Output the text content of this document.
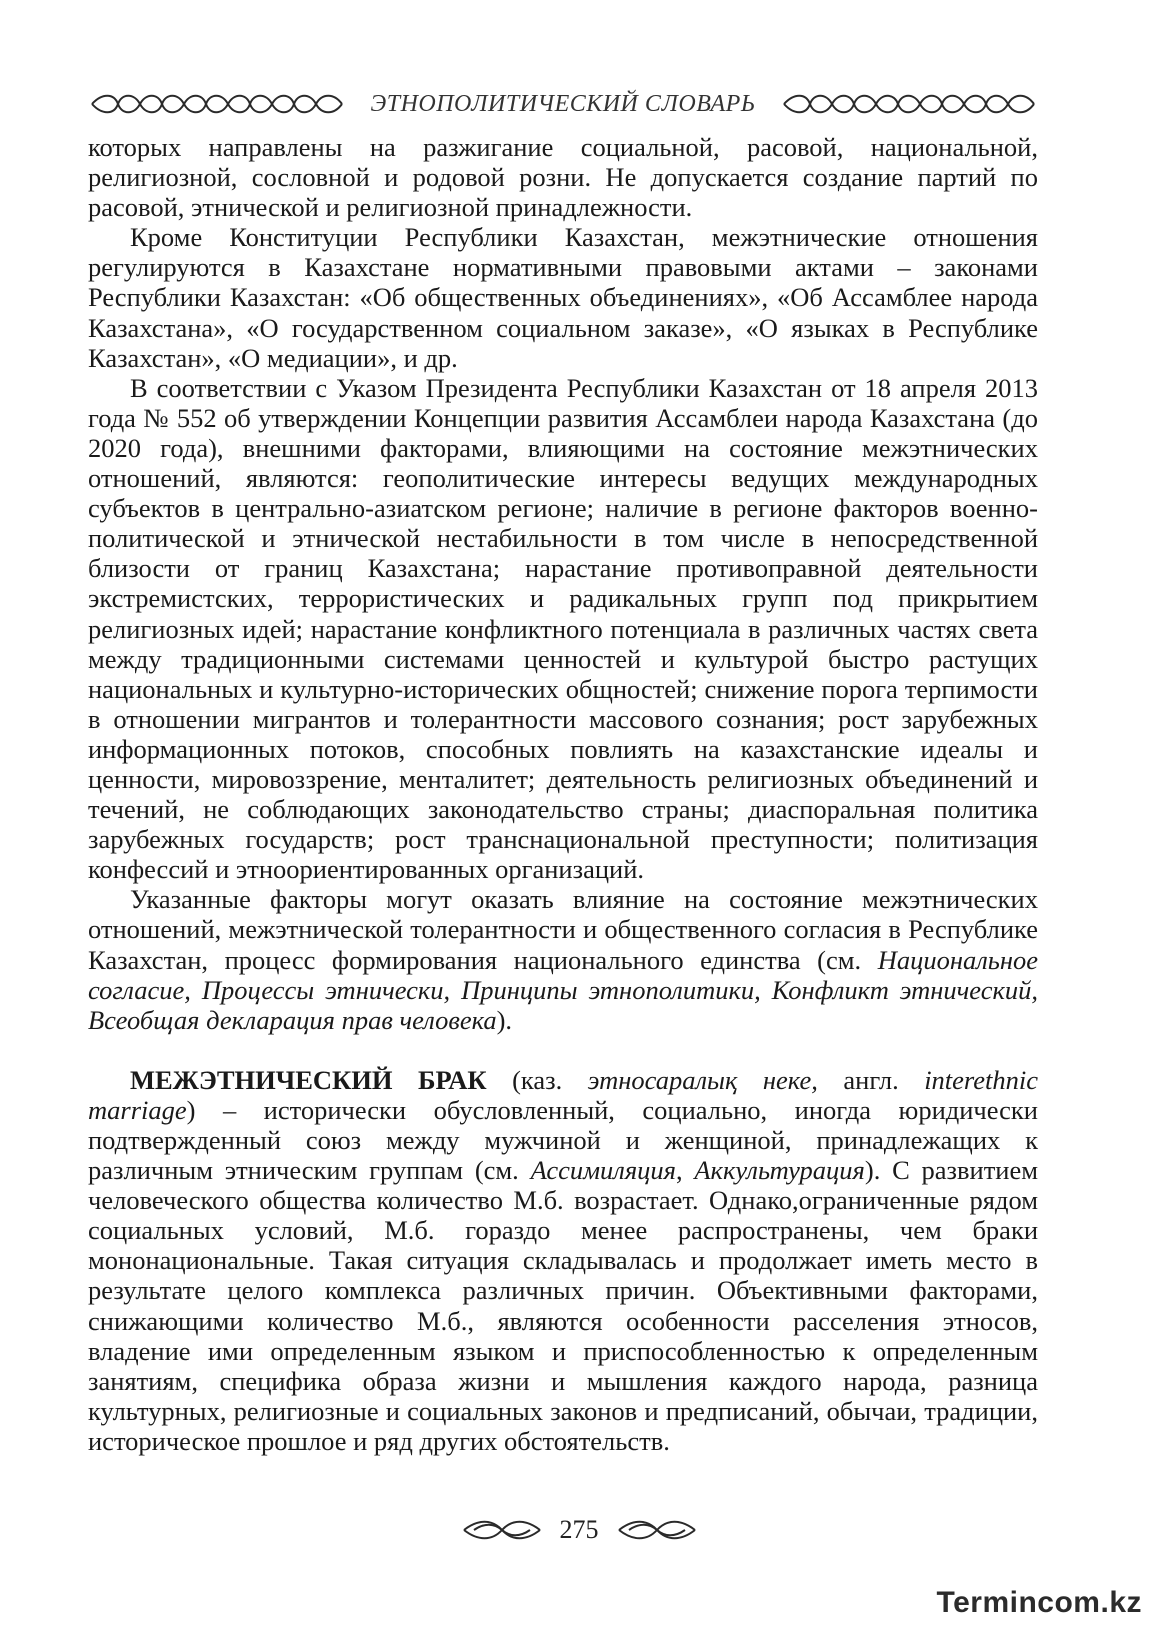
ЭТНОПОЛИТИЧЕСКИЙ СЛОВАРЬ

которых направлены на разжигание социальной, расовой, национальной, религиозной, сословной и родовой розни. Не допускается создание партий по расовой, этнической и религиозной принадлежности.

Кроме Конституции Республики Казахстан, межэтнические отношения регулируются в Казахстане нормативными правовыми актами – законами Республики Казахстан: «Об общественных объединениях», «Об Ассамблее народа Казахстана», «О государственном социальном заказе», «О языках в Республике Казахстан», «О медиации», и др.

В соответствии с Указом Президента Республики Казахстан от 18 апреля 2013 года № 552 об утверждении Концепции развития Ассамблеи народа Казахстана (до 2020 года), внешними факторами, влияющими на состояние межэтнических отношений, являются: геополитические интересы ведущих международных субъектов в центрально-азиатском регионе; наличие в регионе факторов военно-политической и этнической нестабильности в том числе в непосредственной близости от границ Казахстана; нарастание противоправной деятельности экстремистских, террористических и радикальных групп под прикрытием религиозных идей; нарастание конфликтного потенциала в различных частях света между традиционными системами ценностей и культурой быстро растущих национальных и культурно-исторических общностей; снижение порога терпимости в отношении мигрантов и толерантности массового сознания; рост зарубежных информационных потоков, способных повлиять на казахстанские идеалы и ценности, мировоззрение, менталитет; деятельность религиозных объединений и течений, не соблюдающих законодательство страны; диаспоральная политика зарубежных государств; рост транснациональной преступности; политизация конфессий и этноориентированных организаций.

Указанные факторы могут оказать влияние на состояние межэтнических отношений, межэтнической толерантности и общественного согласия в Республике Казахстан, процесс формирования национального единства (см. Национальное согласие, Процессы этнически, Принципы этнополитики, Конфликт этнический, Всеобщая декларация прав человека).

МЕЖЭТНИЧЕСКИЙ БРАК (каз. этносаралық неке, англ. interethnic marriage) – исторически обусловленный, социально, иногда юридически подтвержденный союз между мужчиной и женщиной, принадлежащих к различным этническим группам (см. Ассимиляция, Аккультурация). С развитием человеческого общества количество М.б. возрастает. Однако,ограниченные рядом социальных условий, М.б. гораздо менее распространены, чем браки мононациональные. Такая ситуация складывалась и продолжает иметь место в результате целого комплекса различных причин. Объективными факторами, снижающими количество М.б., являются особенности расселения этносов, владение ими определенным языком и приспособленностью к определенным занятиям, специфика образа жизни и мышления каждого народа, разница культурных, религиозные и социальных законов и предписаний, обычаи, традиции, историческое прошлое и ряд других обстоятельств.

275
Termincom.kz
